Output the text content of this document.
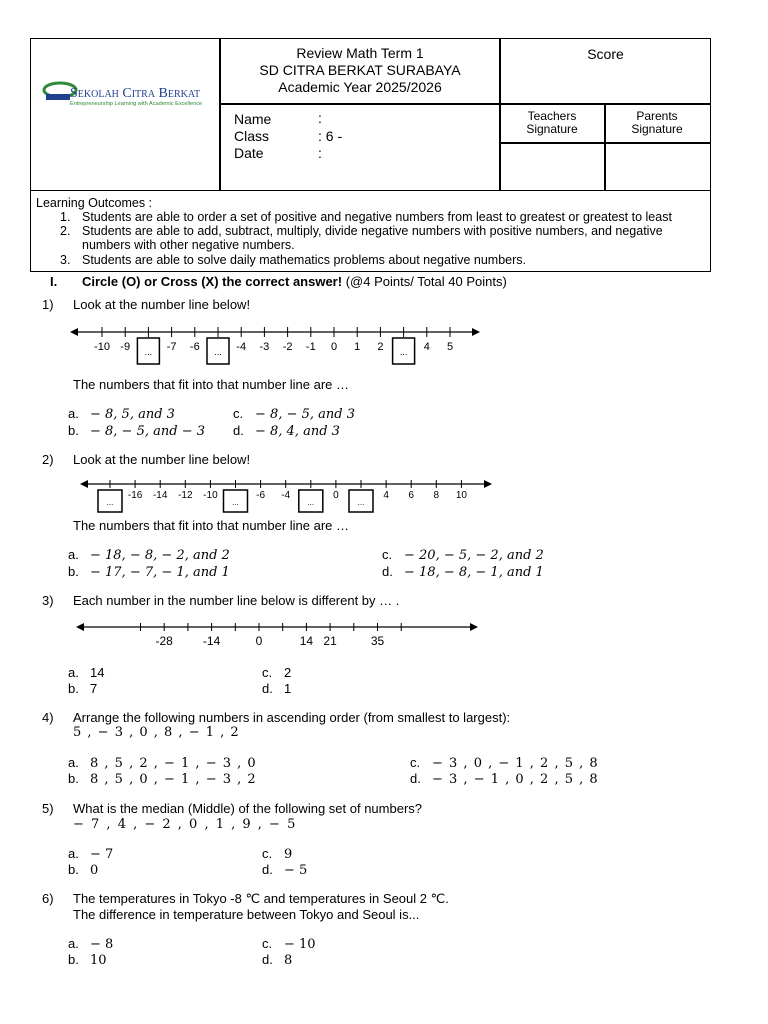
Sekolah Citra Berkat
Entrepreneurship Learning with Academic Excellence
Review Math Term 1
SD CITRA BERKAT SURABAYA
Academic Year 2025/2026
Score
Name	:
Class	: 6 -
Date	:
Teachers Signature
Parents Signature
Learning Outcomes :
1. Students are able to order a set of positive and negative numbers from least to greatest or greatest to least
2. Students are able to add, subtract, multiply, divide negative numbers with positive numbers, and negative numbers with other negative numbers.
3. Students are able to solve daily mathematics problems about negative numbers.
I. Circle (O) or Cross (X) the correct answer! (@4 Points/ Total 40 Points)
1) Look at the number line below!
-10 -9 ... -7 -6 ... -4 -3 -2 -1 0 1 2 ... 4 5
The numbers that fit into that number line are …
a. − 8, 5, and 3
b. − 8, − 5, and − 3
c. − 8, − 5, and 3
d. − 8, 4, and 3
2) Look at the number line below!
...
-16 -14 -12 -10
...
-6 -4
...
0
...
4 6 8 10
The numbers that fit into that number line are …
a. − 18, − 8, − 2, and 2
b. − 17, − 7, − 1, and 1
c. − 20, − 5, − 2, and 2
d. − 18, − 8, − 1, and 1
3) Each number in the number line below is different by … .
-28	-14	0	14 21	35
a. 14
b. 7
c. 2
d. 1
4) Arrange the following numbers in ascending order (from smallest to largest):
5 , − 3 , 0 , 8 , − 1 , 2
a. 8 , 5 , 2 , − 1 , − 3 , 0
b. 8 , 5 , 0 , − 1 , − 3 , 2
c. − 3 , 0 , − 1 , 2 , 5 , 8
d. − 3 , − 1 , 0 , 2 , 5 , 8
5) What is the median (Middle) of the following set of numbers?
− 7 , 4 , − 2 , 0 , 1 , 9 , − 5
a. − 7
b. 0
c. 9
d. − 5
6) The temperatures in Tokyo -8 ℃ and temperatures in Seoul 2 ℃.
The difference in temperature between Tokyo and Seoul is...
a. − 8
b. 10
c. − 10
d. 8
